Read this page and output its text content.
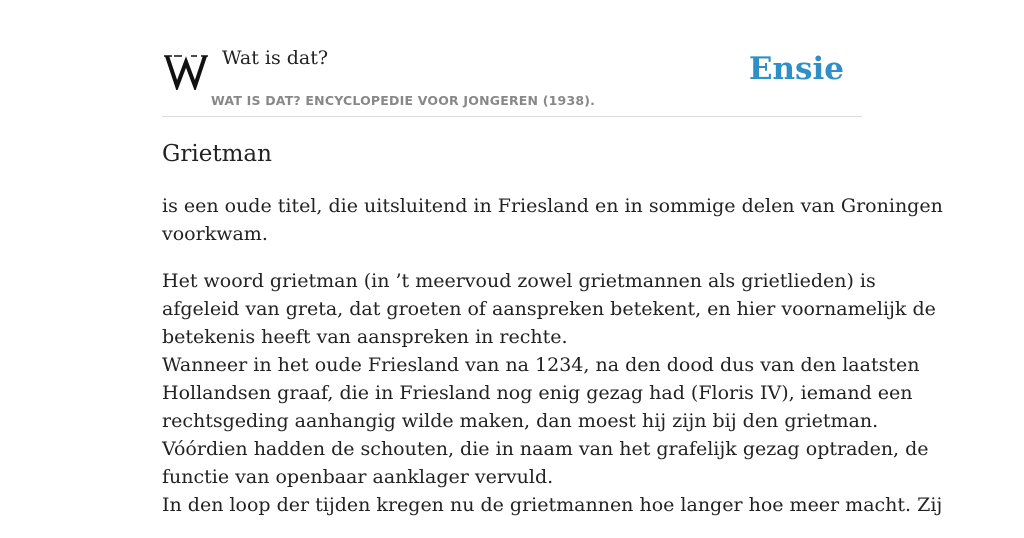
Wat is dat?
WAT IS DAT? ENCYCLOPEDIE VOOR JONGEREN (1938).
Ensie
Grietman

is een oude titel, die uitsluitend in Friesland en in sommige delen van Groningen
voorkwam.

Het woord grietman (in ’t meervoud zowel grietmannen als grietlieden) is
afgeleid van greta, dat groeten of aanspreken betekent, en hier voornamelijk de
betekenis heeft van aanspreken in rechte.
Wanneer in het oude Friesland van na 1234, na den dood dus van den laatsten
Hollandsen graaf, die in Friesland nog enig gezag had (Floris IV), iemand een
rechtsgeding aanhangig wilde maken, dan moest hij zijn bij den grietman.
Vóórdien hadden de schouten, die in naam van het grafelijk gezag optraden, de
functie van openbaar aanklager vervuld.
In den loop der tijden kregen nu de grietmannen hoe langer hoe meer macht. Zij
